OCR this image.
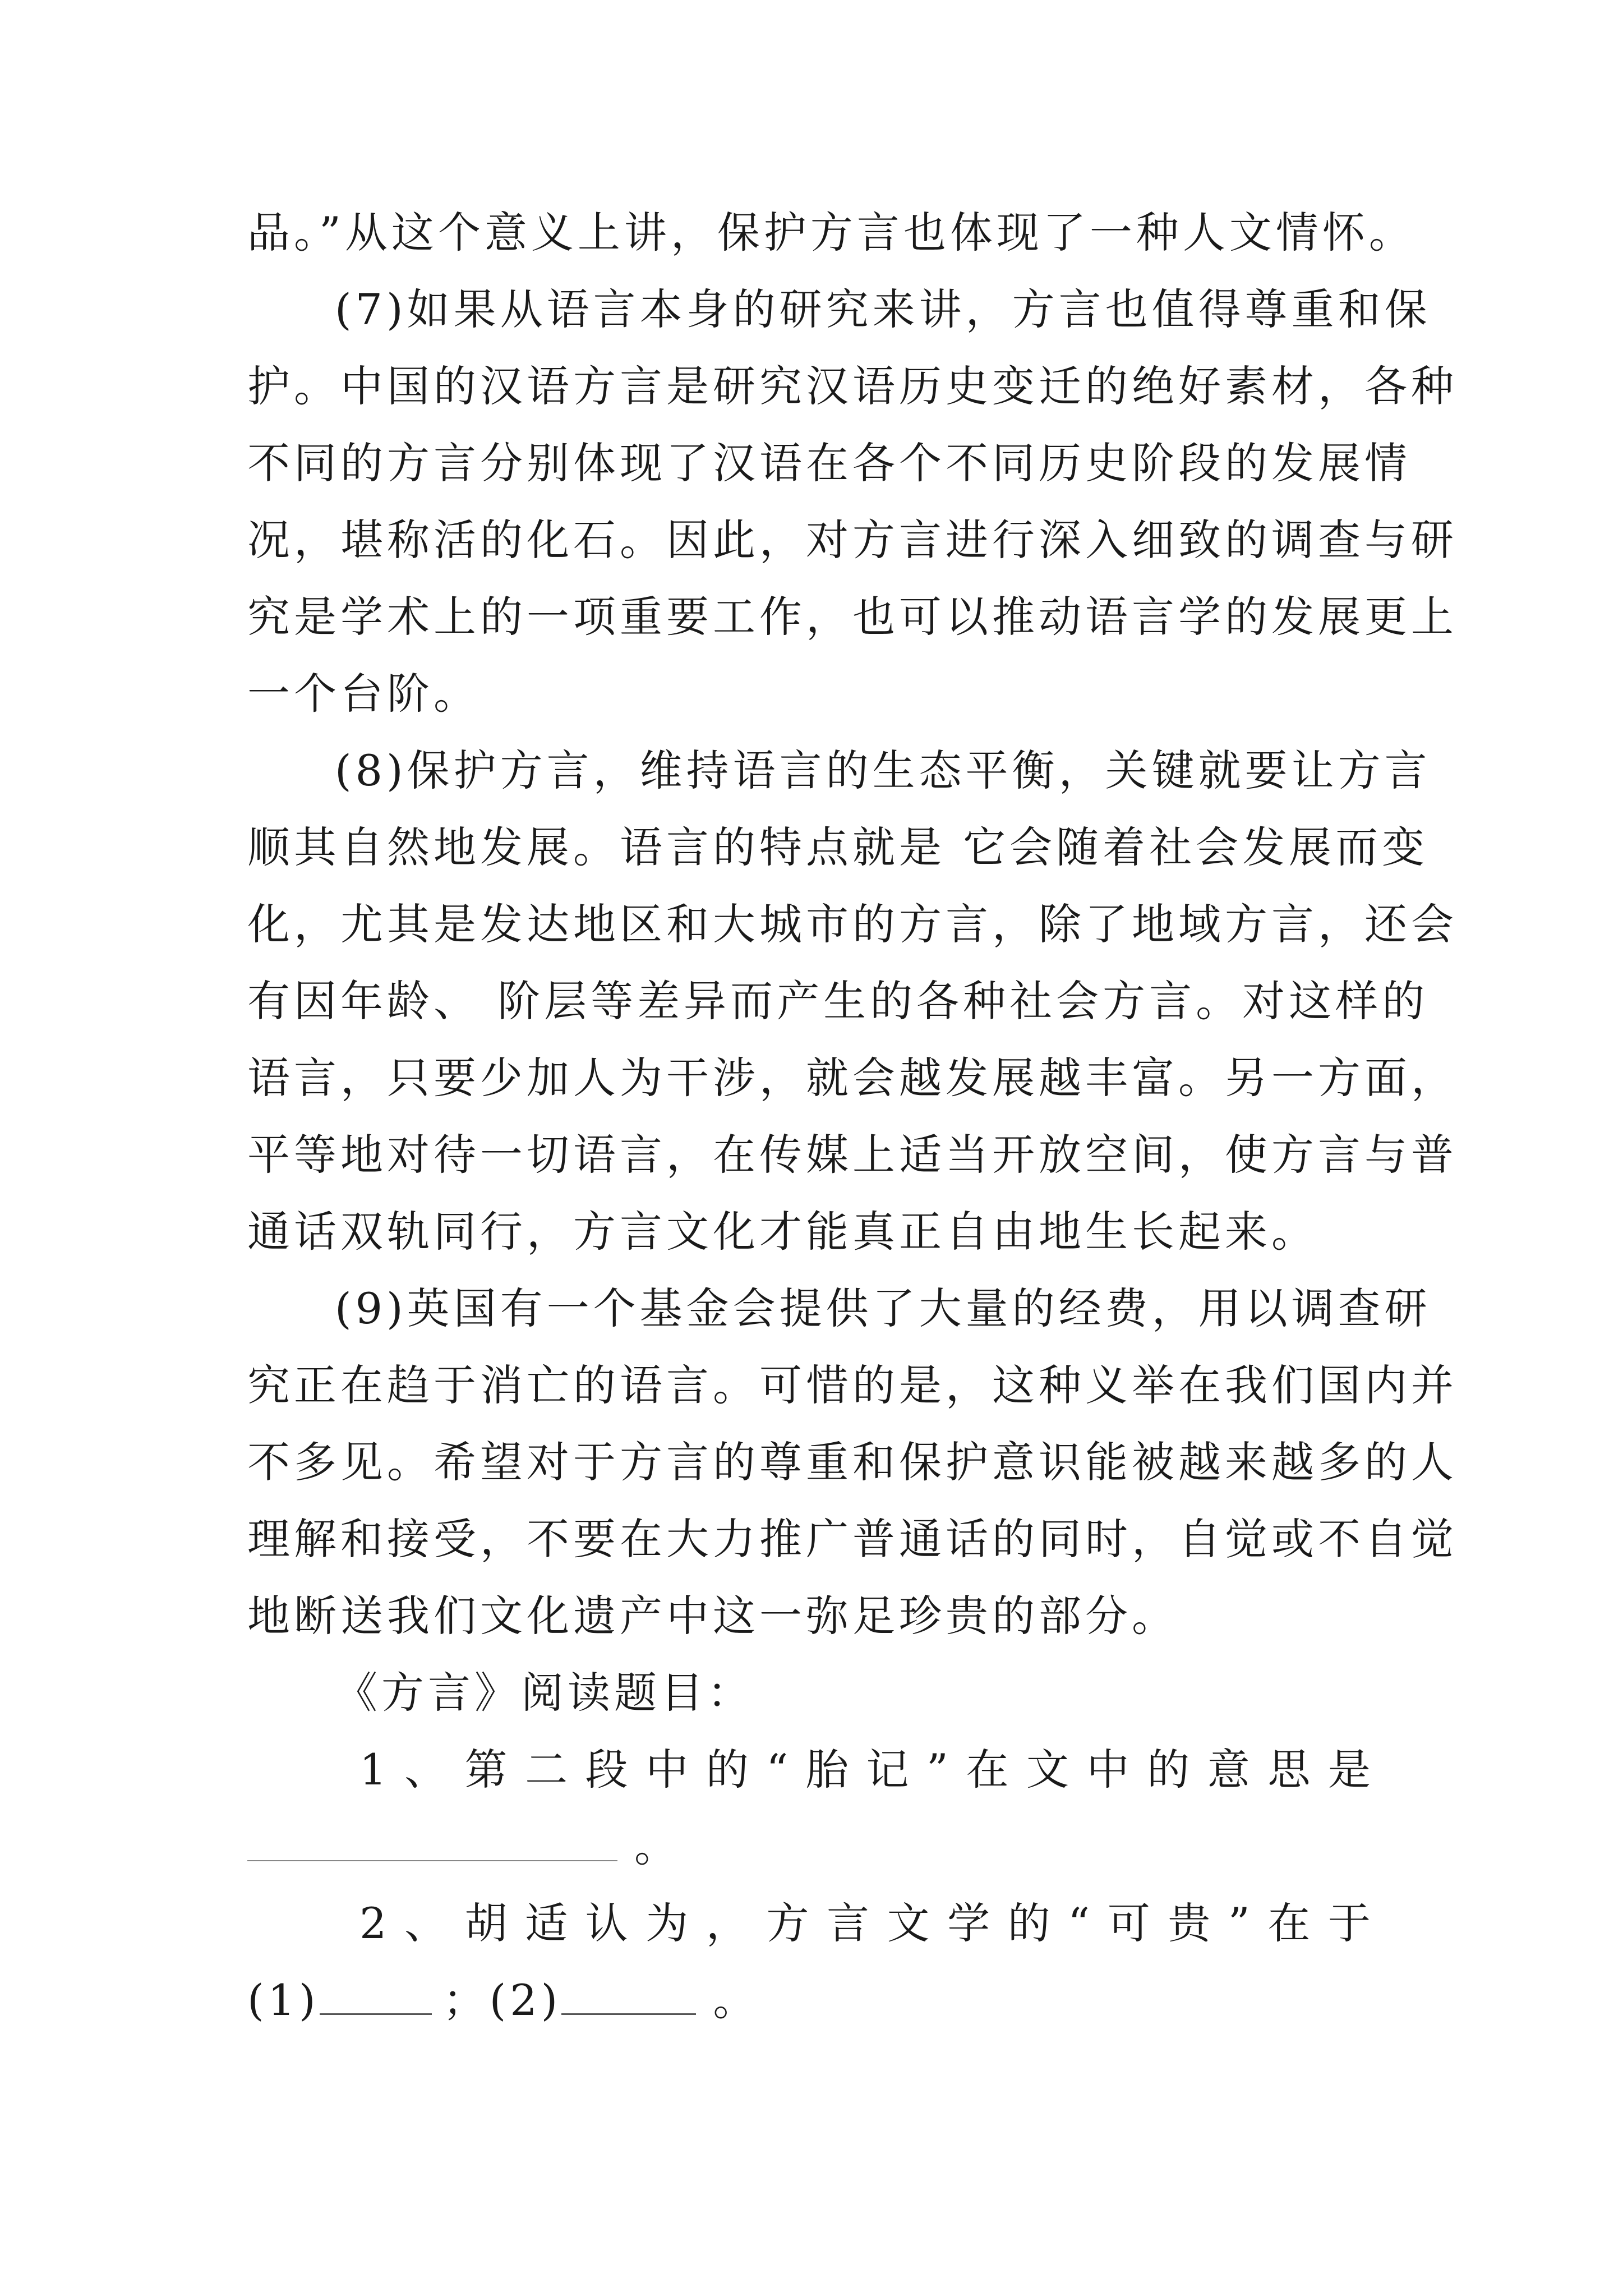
品。”从这个意义上讲，保护方言也体现了一种人文情怀。
(7)如果从语言本身的研究来讲，方言也值得尊重和保
护。中国的汉语方言是研究汉语历史变迁的绝好素材，各种
不同的方言分别体现了汉语在各个不同历史阶段的发展情
况，堪称活的化石。因此，对方言进行深入细致的调查与研
究是学术上的一项重要工作，也可以推动语言学的发展更上
一个台阶。
(8)保护方言，维持语言的生态平衡，关键就要让方言
顺其自然地发展。语言的特点就是 它会随着社会发展而变
化，尤其是发达地区和大城市的方言，除了地域方言，还会
有因年龄、 阶层等差异而产生的各种社会方言。对这样的
语言，只要少加人为干涉，就会越发展越丰富。另一方面，
平等地对待一切语言，在传媒上适当开放空间，使方言与普
通话双轨同行，方言文化才能真正自由地生长起来。
(9)英国有一个基金会提供了大量的经费，用以调查研
究正在趋于消亡的语言。可惜的是，这种义举在我们国内并
不多见。希望对于方言的尊重和保护意识能被越来越多的人
理解和接受，不要在大力推广普通话的同时，自觉或不自觉
地断送我们文化遗产中这一弥足珍贵的部分。
《方言》阅读题目：
1 、 第 二 段 中 的 “ 胎 记 ” 在 文 中 的 意 思 是
。
2 、 胡 适 认 为 ， 方 言 文 学 的 “ 可 贵 ” 在 于
(1)	；(2)	。
